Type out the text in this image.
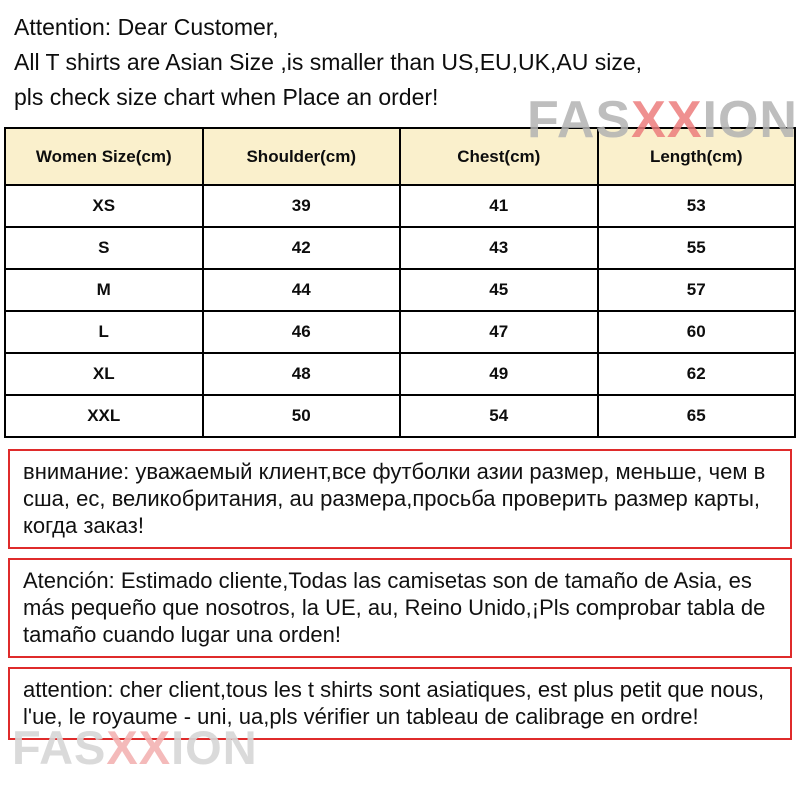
Attention: Dear Customer,

All T shirts are Asian Size ,is smaller than US,EU,UK,AU size,

pls check size chart when Place an order!	FASXXION
Women Size(cm)	Shoulder(cm)	Chest(cm)	Length(cm)
XS	39	41	53
S	42	43	55
M	44	45	57
L	46	47	60
XL	48	49	62
XXL	50	54	65
внимание: уважаемый клиент,все футболки азии размер, меньше, чем в сша, ес, великобритания, au размера,просьба проверить размер карты, когда заказ!
Atención: Estimado cliente,Todas las camisetas son de tamaño de Asia, es más pequeño que nosotros, la UE, au, Reino Unido,¡Pls comprobar tabla de tamaño cuando lugar una orden!
attention: cher client,tous les t shirts sont asiatiques, est plus petit que nous, l'ue, le royaume - uni, ua,pls vérifier un tableau de calibrage en ordre!
FASXXION
